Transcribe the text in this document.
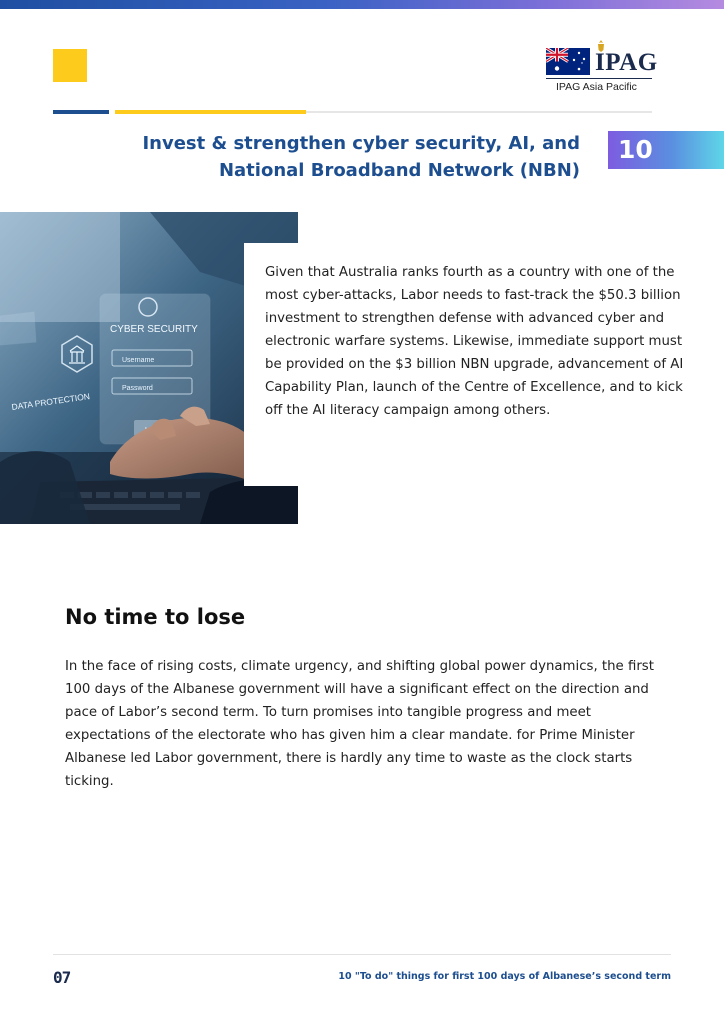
IPAG
IPAG Asia Pacific
Invest & strengthen cyber security, AI, and
National Broadband Network (NBN)
10
CYBER SECURITY
Username
Password
DATA PROTECTION

Given that Australia ranks fourth as a country with one of the most cyber-attacks, Labor needs to fast-track the $50.3 billion investment to strengthen defense with advanced cyber and electronic warfare systems. Likewise, immediate support must be provided on the $3 billion NBN upgrade, advancement of AI Capability Plan, launch of the Centre of Excellence, and to kick off the AI literacy campaign among others.

No time to lose

In the face of rising costs, climate urgency, and shifting global power dynamics, the first 100 days of the Albanese government will have a significant effect on the direction and pace of Labor’s second term. To turn promises into tangible progress and meet expectations of the electorate who has given him a clear mandate. for Prime Minister Albanese led Labor government, there is hardly any time to waste as the clock starts ticking.

07	10 "To do" things for first 100 days of Albanese’s second term
